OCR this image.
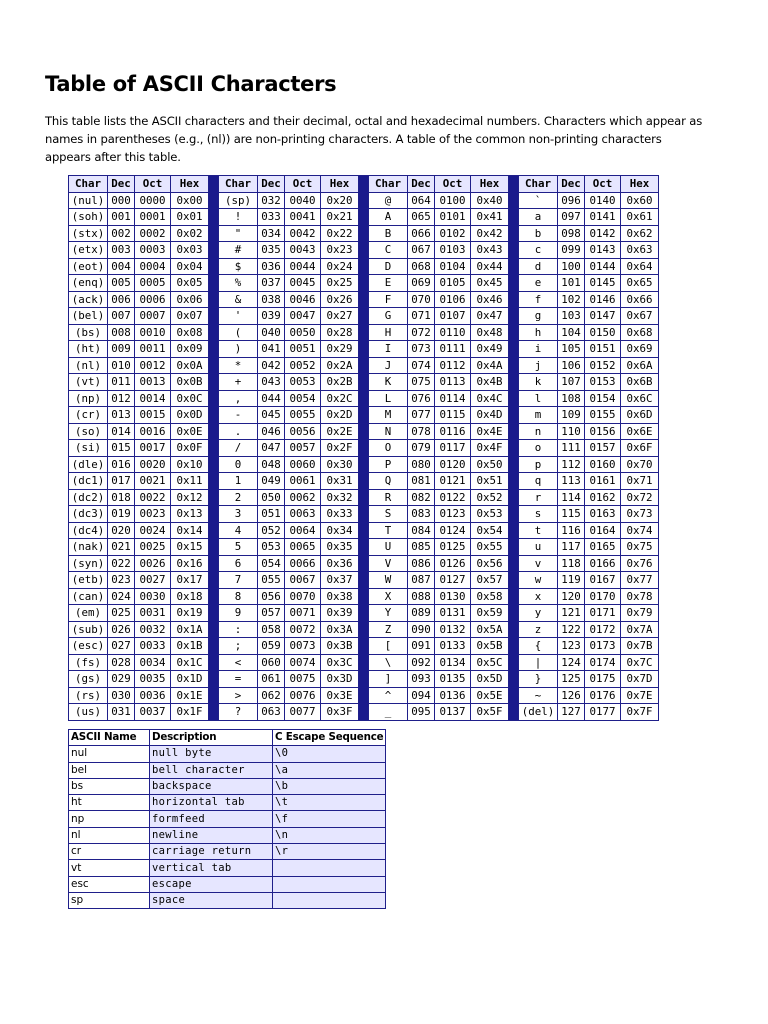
Table of ASCII Characters

This table lists the ASCII characters and their decimal, octal and hexadecimal numbers. Characters which appear as names in parentheses (e.g., (nl)) are non-printing characters. A table of the common non-printing characters appears after this table.

Char	Dec	Oct	Hex		Char	Dec	Oct	Hex		Char	Dec	Oct	Hex		Char	Dec	Oct	Hex
(nul)	000	0000	0x00		(sp)	032	0040	0x20		@	064	0100	0x40		`	096	0140	0x60
(soh)	001	0001	0x01		!	033	0041	0x21		A	065	0101	0x41		a	097	0141	0x61
(stx)	002	0002	0x02		"	034	0042	0x22		B	066	0102	0x42		b	098	0142	0x62
(etx)	003	0003	0x03		#	035	0043	0x23		C	067	0103	0x43		c	099	0143	0x63
(eot)	004	0004	0x04		$	036	0044	0x24		D	068	0104	0x44		d	100	0144	0x64
(enq)	005	0005	0x05		%	037	0045	0x25		E	069	0105	0x45		e	101	0145	0x65
(ack)	006	0006	0x06		&	038	0046	0x26		F	070	0106	0x46		f	102	0146	0x66
(bel)	007	0007	0x07		'	039	0047	0x27		G	071	0107	0x47		g	103	0147	0x67
(bs)	008	0010	0x08		(	040	0050	0x28		H	072	0110	0x48		h	104	0150	0x68
(ht)	009	0011	0x09		)	041	0051	0x29		I	073	0111	0x49		i	105	0151	0x69
(nl)	010	0012	0x0A		*	042	0052	0x2A		J	074	0112	0x4A		j	106	0152	0x6A
(vt)	011	0013	0x0B		+	043	0053	0x2B		K	075	0113	0x4B		k	107	0153	0x6B
(np)	012	0014	0x0C		,	044	0054	0x2C		L	076	0114	0x4C		l	108	0154	0x6C
(cr)	013	0015	0x0D		-	045	0055	0x2D		M	077	0115	0x4D		m	109	0155	0x6D
(so)	014	0016	0x0E		.	046	0056	0x2E		N	078	0116	0x4E		n	110	0156	0x6E
(si)	015	0017	0x0F		/	047	0057	0x2F		O	079	0117	0x4F		o	111	0157	0x6F
(dle)	016	0020	0x10		0	048	0060	0x30		P	080	0120	0x50		p	112	0160	0x70
(dc1)	017	0021	0x11		1	049	0061	0x31		Q	081	0121	0x51		q	113	0161	0x71
(dc2)	018	0022	0x12		2	050	0062	0x32		R	082	0122	0x52		r	114	0162	0x72
(dc3)	019	0023	0x13		3	051	0063	0x33		S	083	0123	0x53		s	115	0163	0x73
(dc4)	020	0024	0x14		4	052	0064	0x34		T	084	0124	0x54		t	116	0164	0x74
(nak)	021	0025	0x15		5	053	0065	0x35		U	085	0125	0x55		u	117	0165	0x75
(syn)	022	0026	0x16		6	054	0066	0x36		V	086	0126	0x56		v	118	0166	0x76
(etb)	023	0027	0x17		7	055	0067	0x37		W	087	0127	0x57		w	119	0167	0x77
(can)	024	0030	0x18		8	056	0070	0x38		X	088	0130	0x58		x	120	0170	0x78
(em)	025	0031	0x19		9	057	0071	0x39		Y	089	0131	0x59		y	121	0171	0x79
(sub)	026	0032	0x1A		:	058	0072	0x3A		Z	090	0132	0x5A		z	122	0172	0x7A
(esc)	027	0033	0x1B		;	059	0073	0x3B		[	091	0133	0x5B		{	123	0173	0x7B
(fs)	028	0034	0x1C		<	060	0074	0x3C		\	092	0134	0x5C		|	124	0174	0x7C
(gs)	029	0035	0x1D		=	061	0075	0x3D		]	093	0135	0x5D		}	125	0175	0x7D
(rs)	030	0036	0x1E		>	062	0076	0x3E		^	094	0136	0x5E		~	126	0176	0x7E
(us)	031	0037	0x1F		?	063	0077	0x3F		_	095	0137	0x5F		(del)	127	0177	0x7F
ASCII Name	Description	C Escape Sequence
nul	null byte	\0
bel	bell character	\a
bs	backspace	\b
ht	horizontal tab	\t
np	formfeed	\f
nl	newline	\n
cr	carriage return	\r
vt	vertical tab	
esc	escape	
sp	space	
